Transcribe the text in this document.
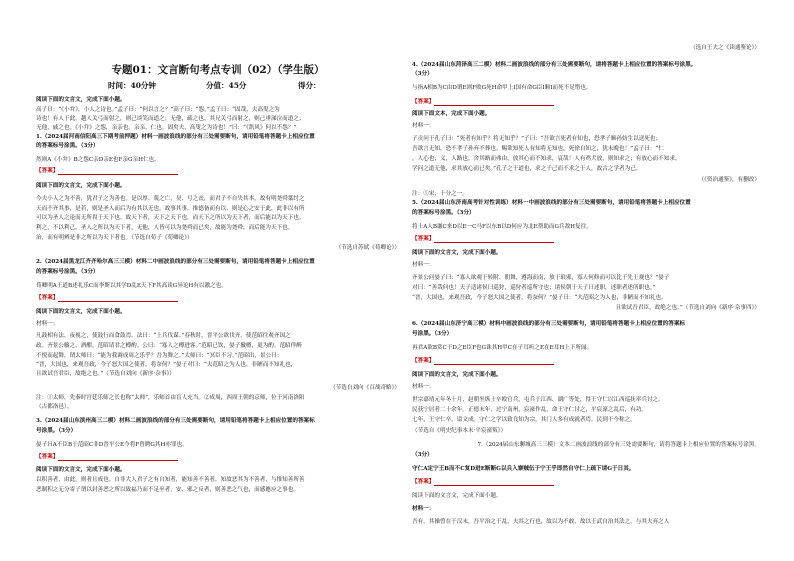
专题01：文言断句考点专训（02）（学生版）
时间：40分钟	分值：45分	得分：
阅读下面的文言文，完成下面小题。
高子曰：“《小弁》，小人之诗也。”孟子曰：“何以言之？”高子曰：“怨。”孟子曰：“固哉，夫高叟之为
诗也！有人于此，越人关弓而射之，则己谈笑而道之；无他，疏之也。其兄关弓而射之，则己垂涕泣而道之；
无他，戚之也。《小弁》之怨，亲亲也。亲亲，仁也。固矣夫，高叟之为诗也！”曰：“《凯风》何以不怨？”
1.（2024届河南信阳高三下期考前押题）材料一画波浪线的部分有三处需要断句，请用铅笔将答题卡上相应位置
的答案标号涂黑。（3分）
然则A《小弁》B之怨C亲D亲E也F亲G亲H仁也。
阅读下面的文言文，完成下面小题。
今夫小人之为不善，犹君子之为善也。是以厚、蔑之亡，昊、号之丧，而君子不自失其本，故有明尧舜桀纣之
天而不齐其事，是若，则是圣人而后为有其以无也。故事其事，推德备而有以，则是心之安于此，此非以有所
可以为圣人之论而无所畏于天下也。故天下者，天下之天下也，而天下之所以为天下者，而后能以为天下也。
利之，不以利己。圣人之所以为天下者，无他，人皆可以为尧舜而已矣，故能为尧舜，而后能为天下也。
治，而有明辨是非之所以为天下者也。（节选自荀子《荀卿论》）
（节选自苏轼《荀卿论》）
2.（2024届黑龙江齐齐哈尔高三三模）材料二中画波浪线的部分有三处需要断句，请用铅笔将答题卡上相应位置
的答案标号涂黑。（3分）
荀卿明A王道B述礼乐C而李斯以其学D乱E天下F其高谈G异论H有以激之也。
阅读下面的文言文，完成下面小题。
材料一：
凡鼓相有法，夜视之，使鼓行而食鼓焉。法曰：“上兵伐谋。”春秋时，晋平公欲伐齐，使范昭往观齐国之
政。齐景公觞之，酒酣，范昭请君之樽酌。公曰：“寡人之樽进客。”范昭已饮，晏子撤樽，更为酌。范昭佯醉
不悦而起舞，谓太师曰：“能为我调成周之乐乎？吾为舞之。”太师曰：“冥臣不习。”范昭出，景公曰：
“晋，大国也，来观吾政，今子怒大国之使者，将奈何？”晏子对曰：“夫范昭之为人也，非陋而不知礼也，
且欲试吾君臣，故绝之也。”（节选自刘向《新序·杂事》）
（节选自刘向《百战奇略》）
注：①太师，先秦时宫廷乐师之长也称“太师”，乐师首由盲人充当。②成周，西周王朝的京师，位于河南洛阳
（古都洛邑）。
3.（2024届山东滨州高三二模）材料二画波浪线的部分有三处需要断句，请用铅笔将答题卡上相应位置的答案标
号涂黑。（3分）
晏子曰A不臣B于范昭C非D晋平公E今将F曾聘G其H亦罪也。
阅读下面的文言文，完成下面小题。
以积善者，由此，则者且戒也。自非大人君子之有自知者，能知善不善者，知故恶其为不善者，与推知善所善
恶制积之无分寄子谓以封善恶之所以致福乃而不足至者，安、邪之反者，则善恶之气也，而感應应之事也。
【答案】
【答案】
【答案】
（选自王夫之《读通鉴论》）
4.（2024届山东菏泽高三二模）材料二画波浪线的部分有三处需要断句，请将答题卡上相应位置的答案标号涂黑。
（3分）
与指A相B为C由D谓E则F败G死H命甲上I国有命G臣I顺I而死不足惜也。
阅读下面文本，完成下面小题。
材料一：
子贡问于孔子曰：“死者有知乎？将无知乎？”子曰：“吾欲言死者有知也，恐孝子顺孙妨生以送死也；
吾欲言无知，恐不孝子孙弃不葬也。赐欲知死人有知将无知也，死徐自知之，犹未晚也！”孟子曰：“仁
，人心也；义，人路也。舍其路而弗由，放其心而不知求，哀哉！人有鸡犬放，则知求之；有放心而不知求。
学问之道无他，求其放心而已矣。”孔子之于道也，求之于己而不求之于人，故古之学者为己。
（《资治通鉴》，有删改）
注：①宋，十分之一。
5.（2024届山东济南高考针对性训练）材料一中画波浪线的部分有三处需要断句，请用铅笔将答题卡上相应位置
的答案标号涂黑。（3分）
将士A人B谦C来D以E一C马F以东B以D何应为北E帮助而G兵敌H复往。
阅读下面的文言文，完成下面小题。
材料一：
齐景公问晏子曰：“寡人欲观于转附、朝舞，遵海而南，放于琅邪，寡人何修而可以比于先王观也？”晏子
对曰：“善哉问也！天子适诸侯曰巡狩，巡狩者巡所守也；诸侯朝于天子曰述职，述职者述所职也。”
“晋，大国也，来观吾政，今子怒大国之使者，将奈何？”晏子曰：“夫范昭之为人也，非陋而不知礼也。
且欲试吾君臣，故绝之也。”（节选自刘向《新序·杂事四》）
6.（2024届山东济宁高三模）材料中画波浪线的部分有三处需要断句，请用铅笔将答题卡上相应位置的答案标
号涂黑。（3分）
再君A欲B赏C于D之E臣F也G诛其H甲C在子耳听之E在E耳H上下所闻。
阅读下面的文言文，完成下面小题。
材料一：
世宗嘉靖元年冬十月，赵朝坐纵士卒殴官兵，屯兵于江西、湖广等处，得王守仁以江西巡抚率兵讨之。
民获宁居者二十余年。正德末年，过宁南州，宸濠作乱，命王守仁讨之，平宸濠之乱后，有功。
七年，王守仁卒，谥文成。守仁之学以致良知为宗，其门人多有成就者焉。民到于今称之。
（节选自《明史纪事本末·平宸濠叛》）
7.（2024届山东聊城高三三模）文本二画波浪线的部分有三处需要断句，请将答题卡上相应位置的答案标号涂黑。
（3分）
守仁A定宁王B而不C复D进E断断G以兵入寨贼伍于宁王乎即然自守仁上疏下请G于日其。
阅读下面的文言文，完成下面小题。
材料一：
吾有，其操曾在于汉末，吾平治之于乱，夫其之行也，故以为不敢，故以王武自治其法之，与其夫弃之人
【答案】
【答案】
【答案】
【答案】
